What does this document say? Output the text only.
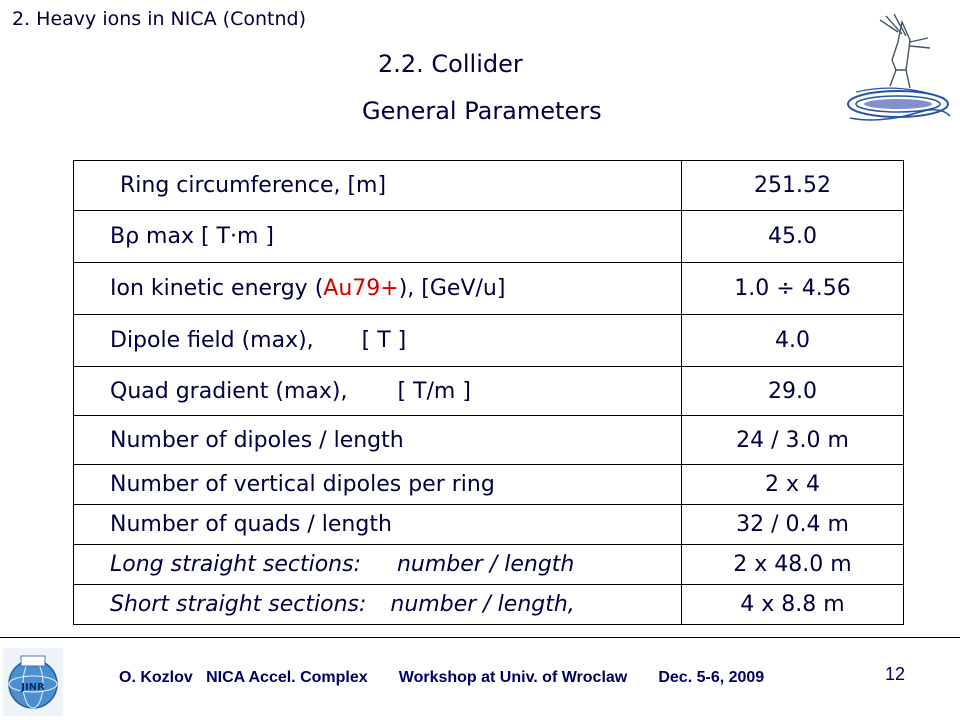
2. Heavy ions in NICA (Contnd)
2.2. Collider
General Parameters
Ring circumference, [m]	251.52
Bρ max [ T·m ]	45.0
Ion kinetic energy (Au79+), [GeV/u]	1.0 ÷ 4.56
Dipole field (max), [ T ]	4.0
Quad gradient (max), [ T/m ]	29.0
Number of dipoles / length	24 / 3.0 m
Number of vertical dipoles per ring	2 x 4
Number of quads / length	32 / 0.4 m
Long straight sections: number / length	2 x 48.0 m
Short straight sections: number / length,	4 x 8.8 m
JINR
O. Kozlov   NICA Accel. Complex       Workshop at Univ. of Wroclaw       Dec. 5-6, 2009	12
